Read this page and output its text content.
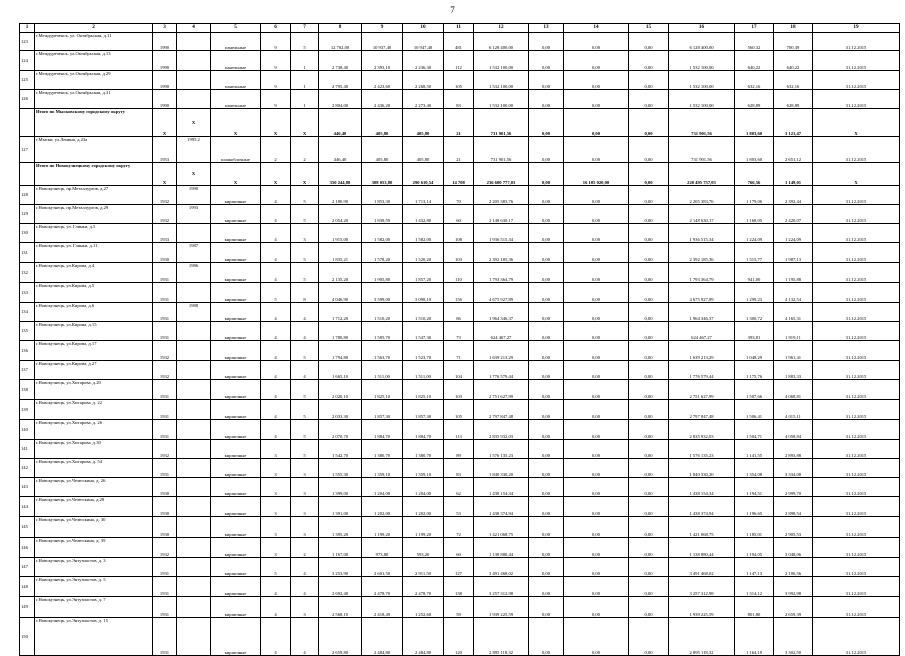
7
1	2	3	4	5	6	7	8	9	10	11	12	13	14	15	16	17	18	19
123	г.Междуреченск, ул. Октябрьская, д.11	1990		панельные	9	5	12 702,00	10 937,40	10 947,40	481	6 128 400,00	0,00	0,00	0,00	6 128 400,00	560,32	700,39	31.12.2015
124	г.Междуреченск, ул.Октябрьская, д.13	1990		панельные	9	1	2 738,40	2 393,10	2 236,30	112	1 532 100,00	0,00	0,00	0,00	1 532 100,00	640,22	640,22	31.12.2015
125	г.Междуреченск, ул.Октябрьская, д.29	1990		панельные	9	1	2 795,40	2 423,60	2 268,50	105	1 532 100,00	0,00	0,00	0,00	1 532 100,00	632,16	632,16	31.12.2015
126	г.Междуреченск, ул.Октябрьская, д.31	1990		панельные	9	1	2 804,00	2 436,20	2 273,40	83	1 532 100,00	0,00	0,00	0,00	1 532 100,00	628,89	628,89	31.12.2015
	Итого по Мысковскому городскому округу	X	X	X	X	X	446,40	405,80	405,80	21	731 901,56	0,00	0,00	0,00	731 901,56	1 803,60	3 121,47	X
127	г.Мыски, ул.Ленина, д.23а	1953	1995.2	шлакоблочные	2	2	446,40	405,80	405,80	21	731 901,56	0,00	0,00	0,00	731 901,56	1 803,60	2 651,12	31.12.2015
	Итого по Новокузнецкому городскому округу	X	X	X	X	X	350 244,80	308 053,80	290 610,54	14 708	236 600 777,03	0,00	16 105 020,00	0,00	220 495 757,03	766,56	1 149,01	X
128	г.Новокузнецк, пр.Металлургов, д.27	1932	1990	кирпичные	4	5	2 180,90	1 853,30	1 713,14	70	2 205 383,76	0,00	0,00	0,00	2 205 383,76	1 179,06	2 392,44	31.12.2015
129	г.Новокузнецк, пр.Металлургов, д.29	1932	1993	кирпичные	4	5	2 054,20	1 839,59	1 432,80	60	2 148 630,17	0,00	0,00	0,00	2 148 630,17	1 168,05	2 420,07	31.12.2015
130	г.Новокузнецк, ул. Глинки, д.5	1933		кирпичные	4	3	1 915,00	1 582,00	1 582,00	108	1 936 515,34	0,00	0,00	0,00	1 936 515,34	1 224,09	1 224,09	31.12.2015
131	г.Новокузнецк, ул. Глинки, д.11	1930	1987	кирпичные	4	5	1 835,21	1 578,20	1 520,20	103	2 392 185,36	0,00	0,00	0,00	2 392 185,36	1 515,77	1 987,13	31.12.2015
132	г.Новокузнецк, ул.Кирова, д.4	1931	1986	кирпичные	4	5	2 135,20	1 905,80	1 857,20	110	1 793 364,79	0,00	0,00	0,00	1 793 364,79	941,00	1 195,88	31.12.2015
133	г.Новокузнецк, ул.Кирова, д.5	1931		кирпичные	5	8	4 046,90	3 599,00	3 098,10	156	4 675 927,89	0,00	0,00	0,00	4 675 927,89	1 299,23	4 132,54	31.12.2015
134	г.Новокузнецк, ул.Кирова, д.6	1931	1988	кирпичные	4	4	1 712,20	1 510,20	1 510,20	86	1 964 346,37	0,00	0,00	0,00	1 964 346,37	1 300,72	4 165,31	31.12.2015
135	г.Новокузнецк, ул.Кирова, д.15	1931		кирпичные	4	4	1 780,80	1 585,70	1 547,30	73	624 467,27	0,00	0,00	0,00	624 467,27	393,81	1 919,11	31.12.2015
136	г.Новокузнецк, ул.Кирова, д.17	1932		кирпичные	4	5	1 794,80	1 563,70	1 523,70	71	1 639 213,29	0,00	0,00	0,00	1 639 213,29	1 048,29	1 961,41	31.12.2015
137	г.Новокузнецк, ул.Кирова, д.27	1932		кирпичные	4	4	1 665,10	1 511,00	1 511,00	104	1 776 579,44	0,00	0,00	0,00	1 776 579,44	1 175,76	1 883,33	31.12.2015
138	г.Новокузнецк, ул.Хитарова, д.20	1931		кирпичные	4	5	2 020,10	1 825,10	1 825,10	103	2 751 627,99	0,00	0,00	0,00	2 751 627,99	1 507,66	4 068,81	31.12.2015
139	г.Новокузнецк, ул.Хитарова, д. 22	1931		кирпичные	4	5	2 033,30	1 857,30	1 857,30	105	2 797 847,48	0,00	0,00	0,00	2 797 847,48	1 506,41	4 015,11	31.12.2015
140	г.Новокузнецк, ул.Хитарова, д. 26	1931		кирпичные	4	5	2 070,70	1 884,70	1 884,70	113	2 835 932,03	0,00	0,00	0,00	2 835 932,03	1 504,71	4 058,84	31.12.2015
141	г.Новокузнецк, ул.Хитарова, д.30	1932		кирпичные	3	5	1 542,70	1 380,70	1 380,70	89	1 576 135,23	0,00	0,00	0,00	1 576 135,23	1 141,55	2 893,88	31.12.2015
142	г.Новокузнецк, ул.Хитарова, д. 54	1931		кирпичные	3	3	1 555,30	1 359,10	1 359,10	83	1 840 330,20	0,00	0,00	0,00	1 840 330,20	1 354,08	3 334,08	31.12.2015
143	г.Новокузнецк, ул.Челюскина, д. 26	1930		кирпичные	3	3	1 399,00	1 204,00	1 204,00	62	1 438 154,34	0,00	0,00	0,00	1 438 154,34	1 194,51	2 999,70	31.12.2015
144	г.Новокузнецк, ул.Челюскина, д.28	1930		кирпичные	3	3	1 391,00	1 202,00	1 202,00	53	1 438 374,94	0,00	0,00	0,00	1 438 374,94	1 196,65	2 898,54	31.12.2015
145	г.Новокузнецк, ул.Челюскина, д. 30	1930		кирпичные	3	3	1 395,20	1 199,20	1 199,20	72	1 421 068,75	0,00	0,00	0,00	1 421 068,75	1 185,01	2 905,53	31.12.2015
146	г.Новокузнецк, ул.Челюскина, д. 39	1932		кирпичные	3	2	1 167,00	973,80	593,20	60	1 138 880,44	0,00	0,00	0,00	1 138 880,44	1 194,05	3 048,06	31.12.2015
147	г.Новокузнецк, ул.Энтузиастов, д. 3	1931		кирпичные	5	4	3 253,90	2 601,50	2 911,50	127	3 491 468,02	0,00	0,00	0,00	3 491 468,02	1 147,13	2 106,56	31.12.2015
148	г.Новокузнецк, ул.Энтузиастов, д. 5	1931		кирпичные	4	4	2 692,40	2 478,70	2 478,70	138	3 257 312,98	0,00	0,00	0,00	3 257 312,98	1 314,12	3 992,98	31.12.2015
149	г.Новокузнецк, ул.Энтузиастов, д. 7	1931		кирпичные	4	3	2 568,10	2 418,49	1 252,60	59	1 939 225,59	0,00	0,00	0,00	1 939 225,59	801,80	2 659,39	31.12.2015
150	г.Новокузнецк, ул.Энтузиастов, д. 15	1931		кирпичные	4	4	2 659,80	2 484,80	2 484,80	120	2 895 118,32	0,00	0,00	0,00	2 895 118,32	1 164,19	3 302,50	31.12.2015
